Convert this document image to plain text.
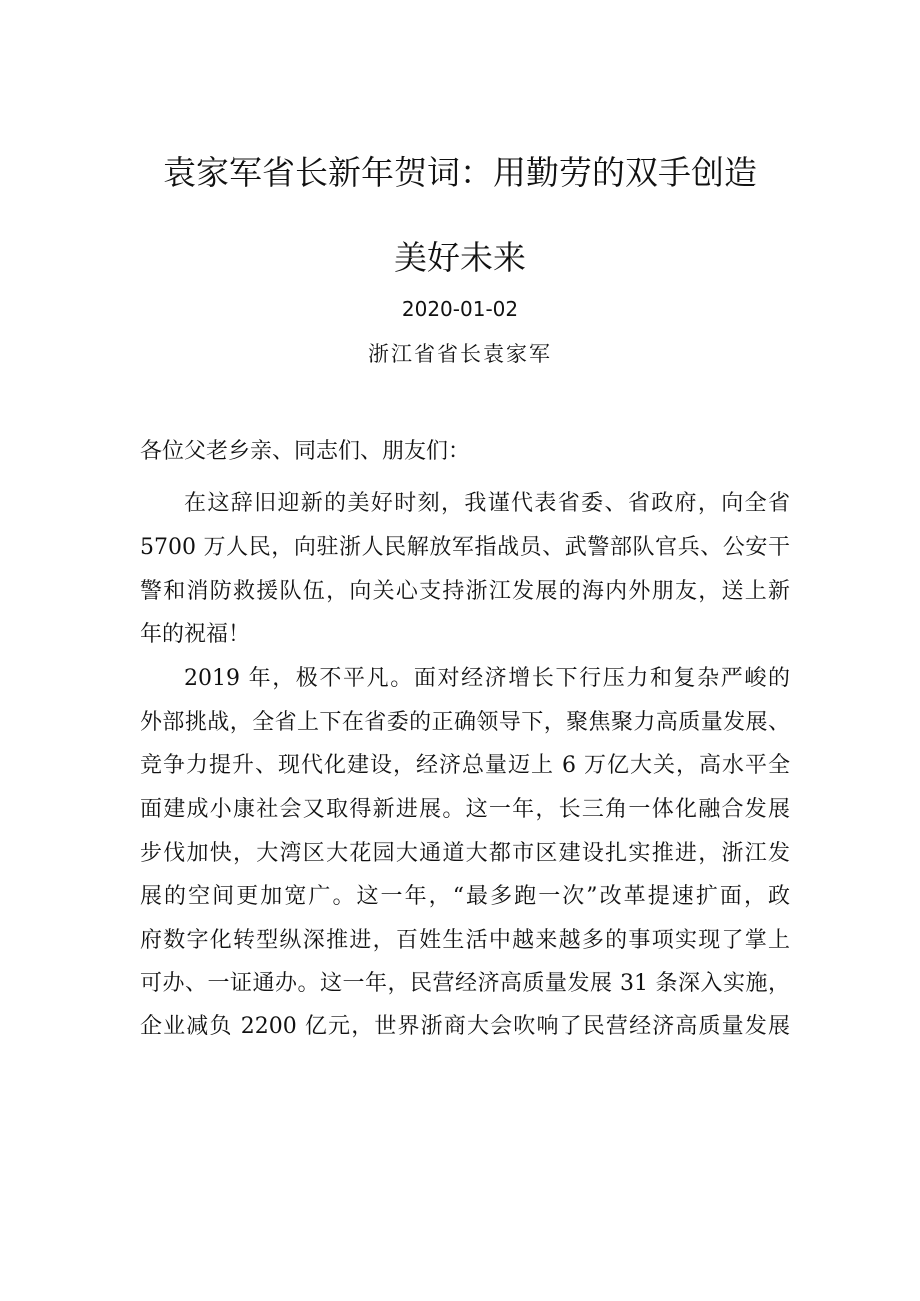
袁家军省长新年贺词：用勤劳的双手创造
美好未来
2020-01-02
浙江省省长袁家军
各位父老乡亲、同志们、朋友们：
在这辞旧迎新的美好时刻，我谨代表省委、省政府，向全省
5700 万人民，向驻浙人民解放军指战员、武警部队官兵、公安干
警和消防救援队伍，向关心支持浙江发展的海内外朋友，送上新
年的祝福！
2019 年，极不平凡。面对经济增长下行压力和复杂严峻的
外部挑战，全省上下在省委的正确领导下，聚焦聚力高质量发展、
竞争力提升、现代化建设，经济总量迈上 6 万亿大关，高水平全
面建成小康社会又取得新进展。这一年，长三角一体化融合发展
步伐加快，大湾区大花园大通道大都市区建设扎实推进，浙江发
展的空间更加宽广。这一年，“最多跑一次”改革提速扩面，政
府数字化转型纵深推进，百姓生活中越来越多的事项实现了掌上
可办、一证通办。这一年，民营经济高质量发展 31 条深入实施，
企业减负 2200 亿元，世界浙商大会吹响了民营经济高质量发展
